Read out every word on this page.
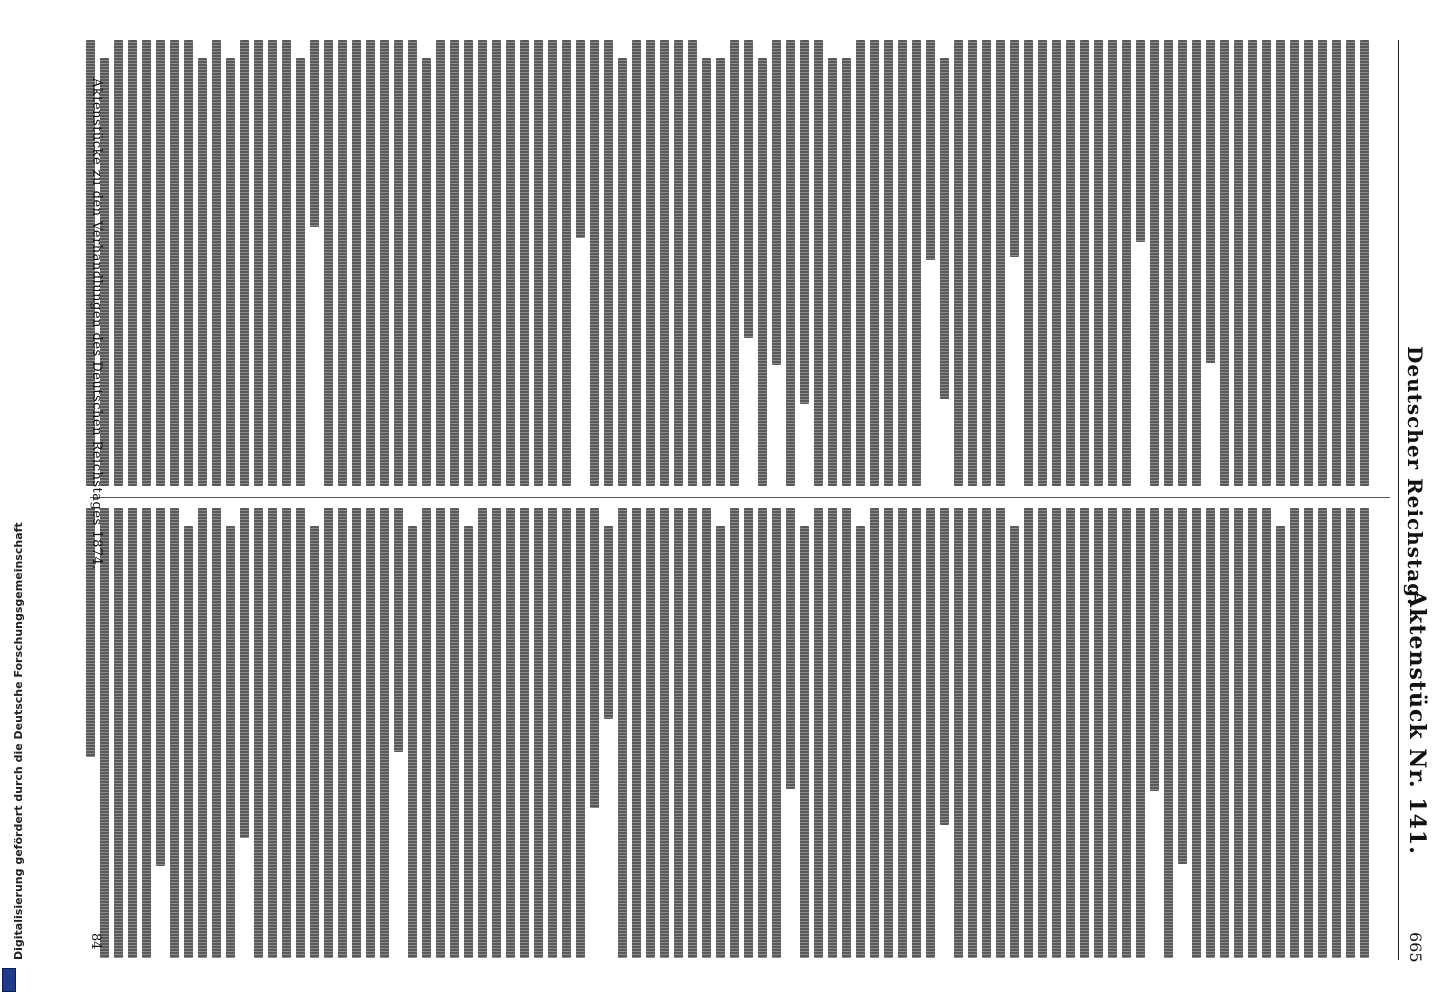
665
Deutscher Reichstag.
Aktenstück Nr. 141.
Aktenstücke zu den Verhandlungen des Deutschen Reichstages 1874.
84
Digitalisierung gefördert durch die Deutsche Forschungsgemeinschaft
